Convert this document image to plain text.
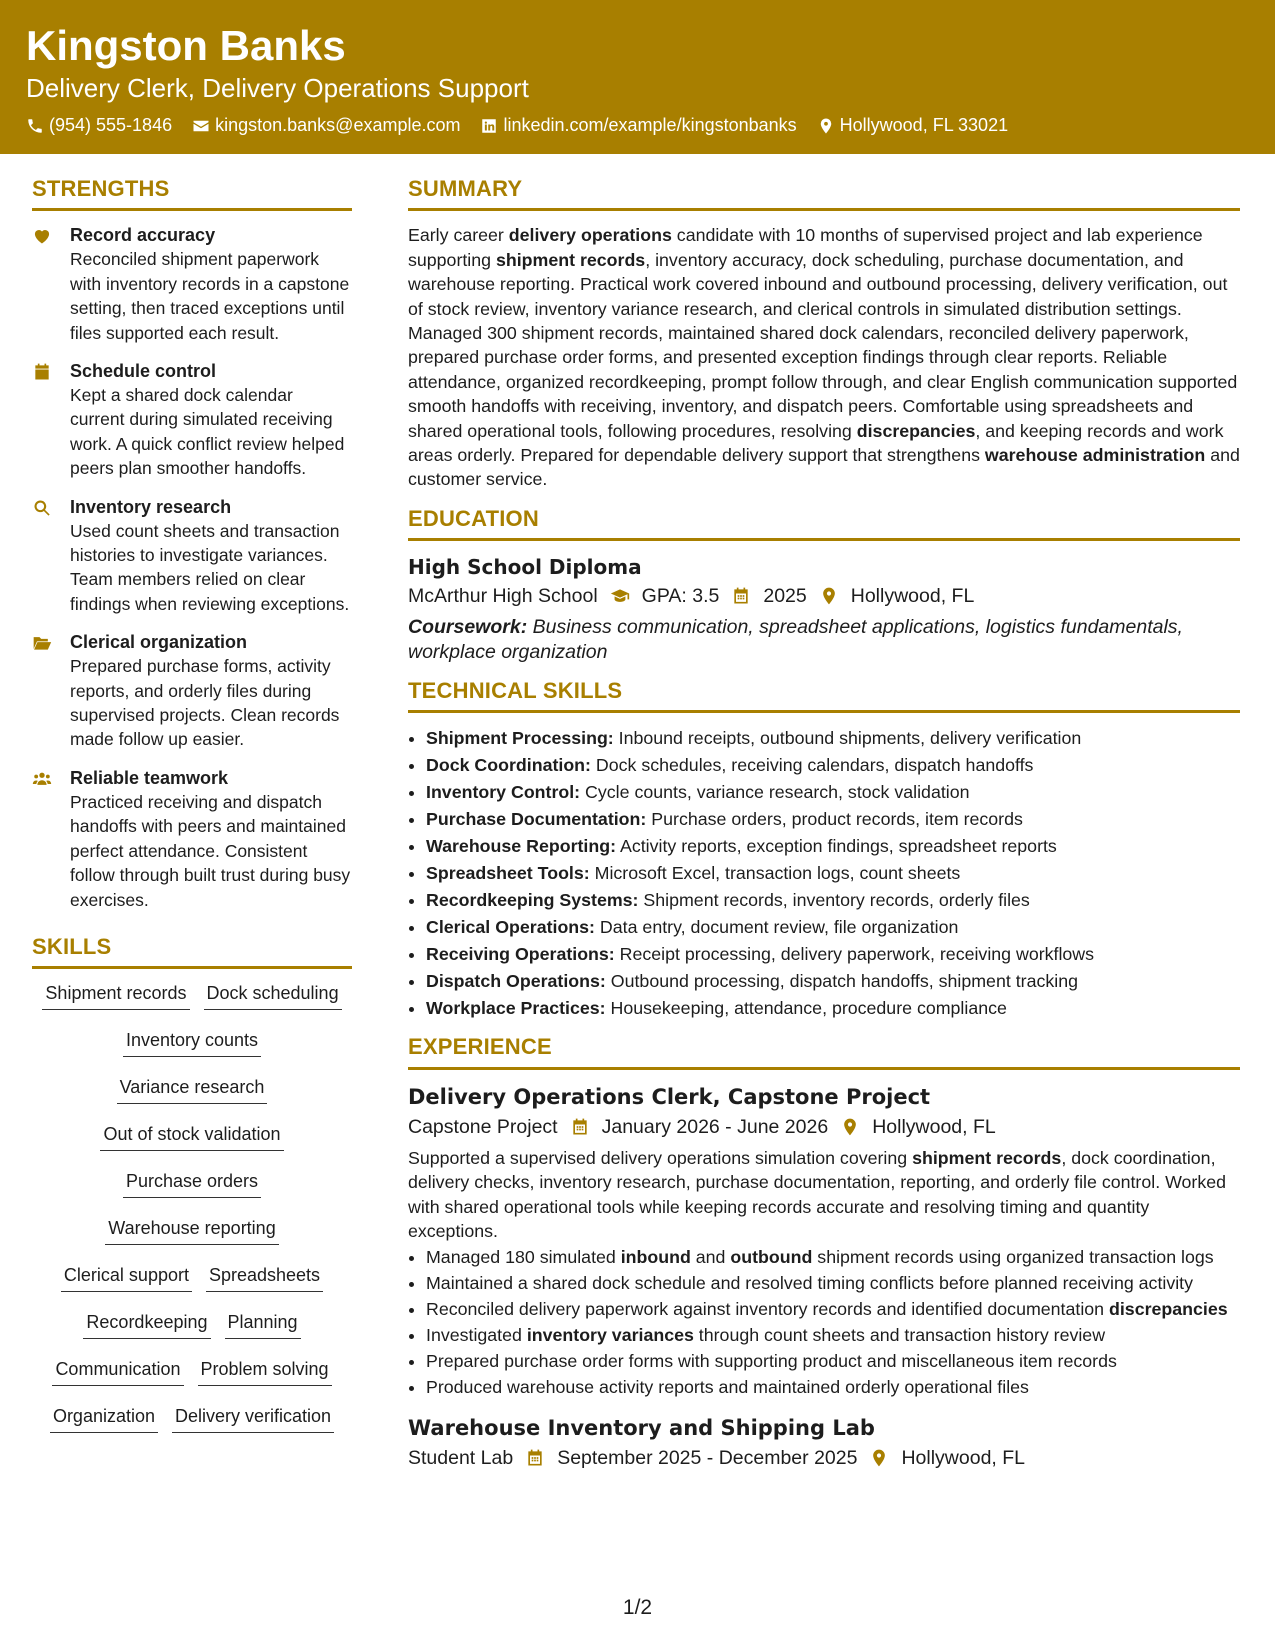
Kingston Banks
Delivery Clerk, Delivery Operations Support
(954) 555-1846 kingston.banks@example.com linkedin.com/example/kingstonbanks Hollywood, FL 33021
STRENGTHS
Record accuracy
Reconciled shipment paperwork with inventory records in a capstone setting, then traced exceptions until files supported each result.
Schedule control
Kept a shared dock calendar current during simulated receiving work. A quick conflict review helped peers plan smoother handoffs.
Inventory research
Used count sheets and transaction histories to investigate variances. Team members relied on clear findings when reviewing exceptions.
Clerical organization
Prepared purchase forms, activity reports, and orderly files during supervised projects. Clean records made follow up easier.
Reliable teamwork
Practiced receiving and dispatch handoffs with peers and maintained perfect attendance. Consistent follow through built trust during busy exercises.
SKILLS
Shipment records Dock scheduling
Inventory counts
Variance research
Out of stock validation
Purchase orders
Warehouse reporting
Clerical support Spreadsheets
Recordkeeping Planning
Communication Problem solving
Organization Delivery verification
SUMMARY
Early career delivery operations candidate with 10 months of supervised project and lab experience supporting shipment records, inventory accuracy, dock scheduling, purchase documentation, and warehouse reporting. Practical work covered inbound and outbound processing, delivery verification, out of stock review, inventory variance research, and clerical controls in simulated distribution settings. Managed 300 shipment records, maintained shared dock calendars, reconciled delivery paperwork, prepared purchase order forms, and presented exception findings through clear reports. Reliable attendance, organized recordkeeping, prompt follow through, and clear English communication supported smooth handoffs with receiving, inventory, and dispatch peers. Comfortable using spreadsheets and shared operational tools, following procedures, resolving discrepancies, and keeping records and work areas orderly. Prepared for dependable delivery support that strengthens warehouse administration and customer service.
EDUCATION
High School Diploma
McArthur High School GPA: 3.5 2025 Hollywood, FL
Coursework: Business communication, spreadsheet applications, logistics fundamentals, workplace organization
TECHNICAL SKILLS
• Shipment Processing: Inbound receipts, outbound shipments, delivery verification
• Dock Coordination: Dock schedules, receiving calendars, dispatch handoffs
• Inventory Control: Cycle counts, variance research, stock validation
• Purchase Documentation: Purchase orders, product records, item records
• Warehouse Reporting: Activity reports, exception findings, spreadsheet reports
• Spreadsheet Tools: Microsoft Excel, transaction logs, count sheets
• Recordkeeping Systems: Shipment records, inventory records, orderly files
• Clerical Operations: Data entry, document review, file organization
• Receiving Operations: Receipt processing, delivery paperwork, receiving workflows
• Dispatch Operations: Outbound processing, dispatch handoffs, shipment tracking
• Workplace Practices: Housekeeping, attendance, procedure compliance
EXPERIENCE
Delivery Operations Clerk, Capstone Project
Capstone Project January 2026 - June 2026 Hollywood, FL
Supported a supervised delivery operations simulation covering shipment records, dock coordination, delivery checks, inventory research, purchase documentation, reporting, and orderly file control. Worked with shared operational tools while keeping records accurate and resolving timing and quantity exceptions.
• Managed 180 simulated inbound and outbound shipment records using organized transaction logs
• Maintained a shared dock schedule and resolved timing conflicts before planned receiving activity
• Reconciled delivery paperwork against inventory records and identified documentation discrepancies
• Investigated inventory variances through count sheets and transaction history review
• Prepared purchase order forms with supporting product and miscellaneous item records
• Produced warehouse activity reports and maintained orderly operational files
Warehouse Inventory and Shipping Lab
Student Lab September 2025 - December 2025 Hollywood, FL
1/2
